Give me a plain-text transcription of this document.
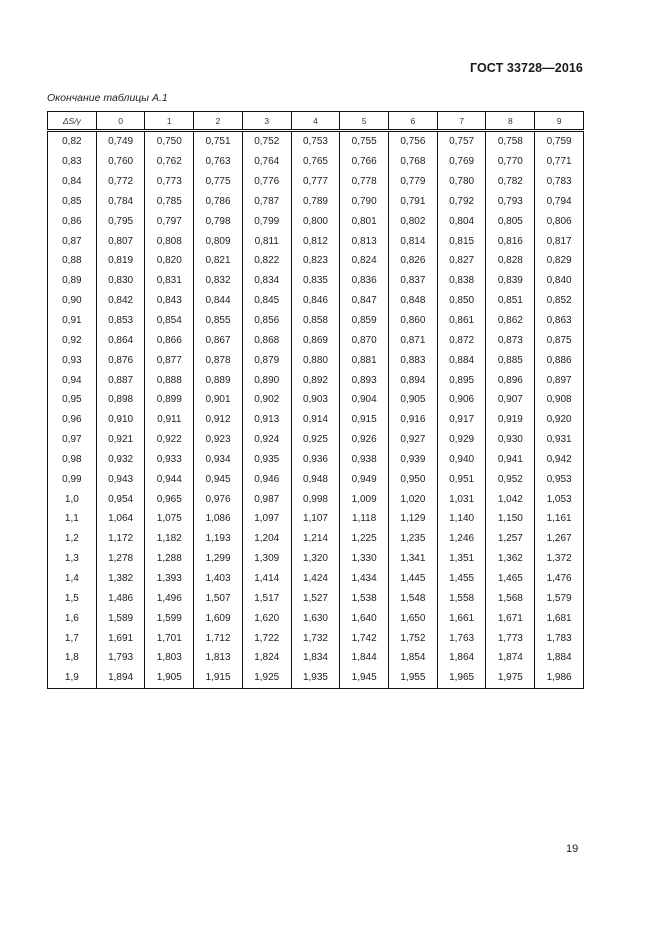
ГОСТ 33728—2016
Окончание таблицы А.1
ΔS/γ	0	1	2	3	4	5	6	7	8	9
0,82	0,749	0,750	0,751	0,752	0,753	0,755	0,756	0,757	0,758	0,759
0,83	0,760	0,762	0,763	0,764	0,765	0,766	0,768	0,769	0,770	0,771
0,84	0,772	0,773	0,775	0,776	0,777	0,778	0,779	0,780	0,782	0,783
0,85	0,784	0,785	0,786	0,787	0,789	0,790	0,791	0,792	0,793	0,794
0,86	0,795	0,797	0,798	0,799	0,800	0,801	0,802	0,804	0,805	0,806
0,87	0,807	0,808	0,809	0,811	0,812	0,813	0,814	0,815	0,816	0,817
0,88	0,819	0,820	0,821	0,822	0,823	0,824	0,826	0,827	0,828	0,829
0,89	0,830	0,831	0,832	0,834	0,835	0,836	0,837	0,838	0,839	0,840
0,90	0,842	0,843	0,844	0,845	0,846	0,847	0,848	0,850	0,851	0,852
0,91	0,853	0,854	0,855	0,856	0,858	0,859	0,860	0,861	0,862	0,863
0,92	0,864	0,866	0,867	0,868	0,869	0,870	0,871	0,872	0,873	0,875
0,93	0,876	0,877	0,878	0,879	0,880	0,881	0,883	0,884	0,885	0,886
0,94	0,887	0,888	0,889	0,890	0,892	0,893	0,894	0,895	0,896	0,897
0,95	0,898	0,899	0,901	0,902	0,903	0,904	0,905	0,906	0,907	0,908
0,96	0,910	0,911	0,912	0,913	0,914	0,915	0,916	0,917	0,919	0,920
0,97	0,921	0,922	0,923	0,924	0,925	0,926	0,927	0,929	0,930	0,931
0,98	0,932	0,933	0,934	0,935	0,936	0,938	0,939	0,940	0,941	0,942
0,99	0,943	0,944	0,945	0,946	0,948	0,949	0,950	0,951	0,952	0,953
1,0	0,954	0,965	0,976	0,987	0,998	1,009	1,020	1,031	1,042	1,053
1,1	1,064	1,075	1,086	1,097	1,107	1,118	1,129	1,140	1,150	1,161
1,2	1,172	1,182	1,193	1,204	1,214	1,225	1,235	1,246	1,257	1,267
1,3	1,278	1,288	1,299	1,309	1,320	1,330	1,341	1,351	1,362	1,372
1,4	1,382	1,393	1,403	1,414	1,424	1,434	1,445	1,455	1,465	1,476
1,5	1,486	1,496	1,507	1,517	1,527	1,538	1,548	1,558	1,568	1,579
1,6	1,589	1,599	1,609	1,620	1,630	1,640	1,650	1,661	1,671	1,681
1,7	1,691	1,701	1,712	1,722	1,732	1,742	1,752	1,763	1,773	1,783
1,8	1,793	1,803	1,813	1,824	1,834	1,844	1,854	1,864	1,874	1,884
1,9	1,894	1,905	1,915	1,925	1,935	1,945	1,955	1,965	1,975	1,986
19
